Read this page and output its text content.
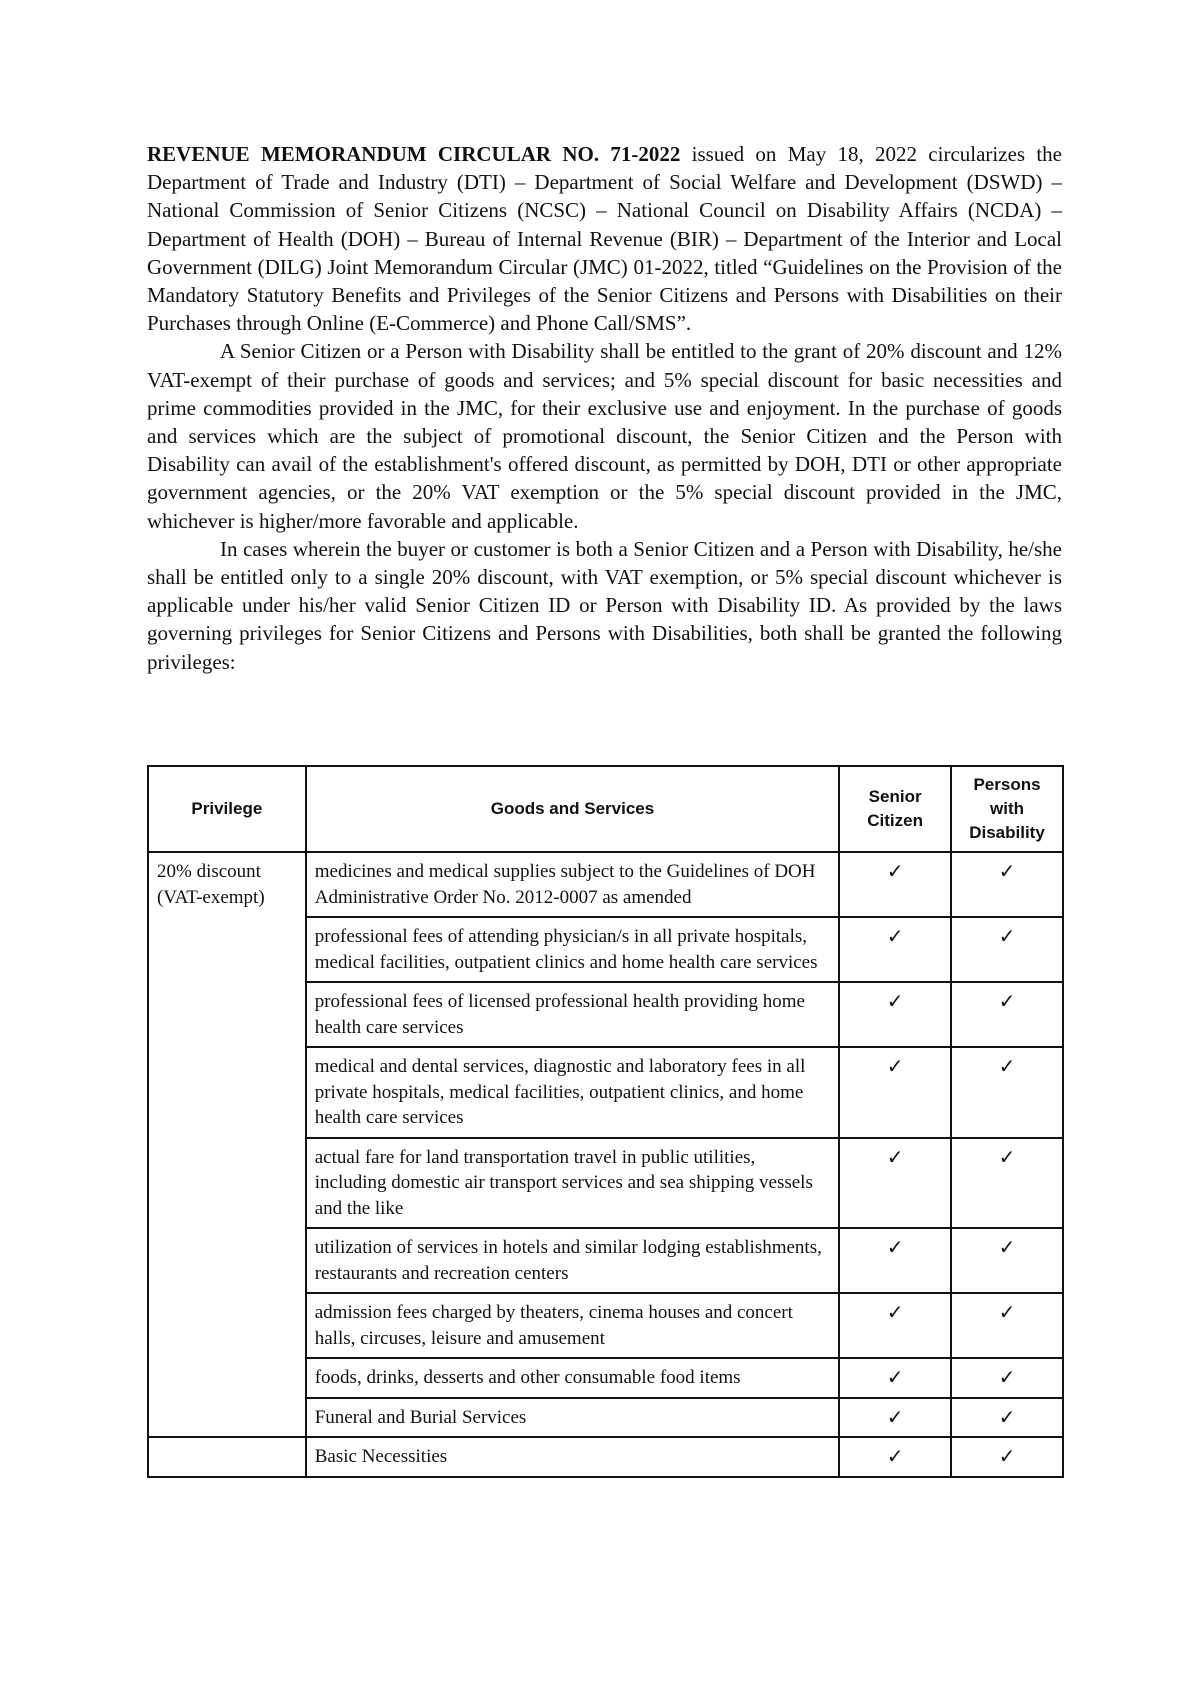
REVENUE MEMORANDUM CIRCULAR NO. 71-2022 issued on May 18, 2022 circularizes the Department of Trade and Industry (DTI) – Department of Social Welfare and Development (DSWD) – National Commission of Senior Citizens (NCSC) – National Council on Disability Affairs (NCDA) – Department of Health (DOH) – Bureau of Internal Revenue (BIR) – Department of the Interior and Local Government (DILG) Joint Memorandum Circular (JMC) 01-2022, titled “Guidelines on the Provision of the Mandatory Statutory Benefits and Privileges of the Senior Citizens and Persons with Disabilities on their Purchases through Online (E-Commerce) and Phone Call/SMS”.

A Senior Citizen or a Person with Disability shall be entitled to the grant of 20% discount and 12% VAT-exempt of their purchase of goods and services; and 5% special discount for basic necessities and prime commodities provided in the JMC, for their exclusive use and enjoyment. In the purchase of goods and services which are the subject of promotional discount, the Senior Citizen and the Person with Disability can avail of the establishment's offered discount, as permitted by DOH, DTI or other appropriate government agencies, or the 20% VAT exemption or the 5% special discount provided in the JMC, whichever is higher/more favorable and applicable.

In cases wherein the buyer or customer is both a Senior Citizen and a Person with Disability, he/she shall be entitled only to a single 20% discount, with VAT exemption, or 5% special discount whichever is applicable under his/her valid Senior Citizen ID or Person with Disability ID. As provided by the laws governing privileges for Senior Citizens and Persons with Disabilities, both shall be granted the following privileges:

Privilege	Goods and Services	Senior Citizen	Persons with Disability
20% discount (VAT-exempt)	medicines and medical supplies subject to the Guidelines of DOH Administrative Order No. 2012-0007 as amended	✓	✓
	professional fees of attending physician/s in all private hospitals, medical facilities, outpatient clinics and home health care services	✓	✓
	professional fees of licensed professional health providing home health care services	✓	✓
	medical and dental services, diagnostic and laboratory fees in all private hospitals, medical facilities, outpatient clinics, and home health care services	✓	✓
	actual fare for land transportation travel in public utilities, including domestic air transport services and sea shipping vessels and the like	✓	✓
	utilization of services in hotels and similar lodging establishments, restaurants and recreation centers	✓	✓
	admission fees charged by theaters, cinema houses and concert halls, circuses, leisure and amusement	✓	✓
	foods, drinks, desserts and other consumable food items	✓	✓
	Funeral and Burial Services	✓	✓
	Basic Necessities	✓	✓
